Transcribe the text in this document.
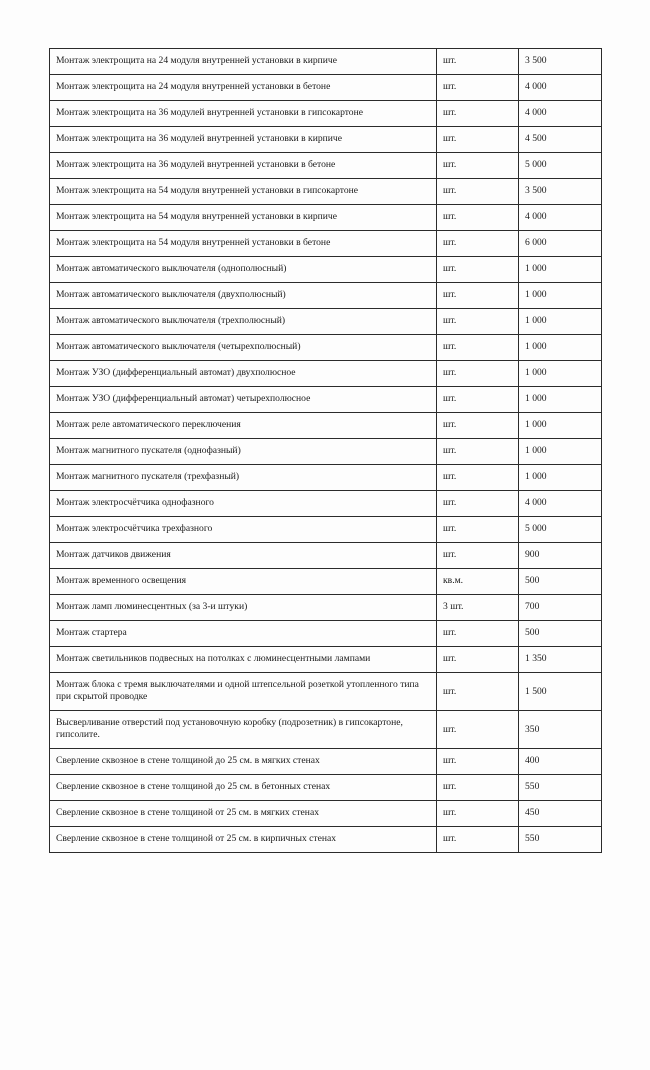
Монтаж электрощита на 24 модуля внутренней установки в кирпиче	шт.	3 500
Монтаж электрощита на 24 модуля внутренней установки в бетоне	шт.	4 000
Монтаж электрощита на 36 модулей внутренней установки в гипсокартоне	шт.	4 000
Монтаж электрощита на 36 модулей внутренней установки в кирпиче	шт.	4 500
Монтаж электрощита на 36 модулей внутренней установки в бетоне	шт.	5 000
Монтаж электрощита на 54 модуля внутренней установки в гипсокартоне	шт.	3 500
Монтаж электрощита на 54 модуля внутренней установки в кирпиче	шт.	4 000
Монтаж электрощита на 54 модуля внутренней установки в бетоне	шт.	6 000
Монтаж автоматического выключателя (однополюсный)	шт.	1 000
Монтаж автоматического выключателя (двухполюсный)	шт.	1 000
Монтаж автоматического выключателя (трехполюсный)	шт.	1 000
Монтаж автоматического выключателя (четырехполюсный)	шт.	1 000
Монтаж УЗО (дифференциальный автомат) двухполюсное	шт.	1 000
Монтаж УЗО (дифференциальный автомат) четырехполюсное	шт.	1 000
Монтаж реле автоматического переключения	шт.	1 000
Монтаж магнитного пускателя (однофазный)	шт.	1 000
Монтаж магнитного пускателя (трехфазный)	шт.	1 000
Монтаж электросчётчика однофазного	шт.	4 000
Монтаж электросчётчика трехфазного	шт.	5 000
Монтаж датчиков движения	шт.	900
Монтаж временного освещения	кв.м.	500
Монтаж ламп люминесцентных (за 3-и штуки)	3 шт.	700
Монтаж стартера	шт.	500
Монтаж светильников подвесных на потолках с люминесцентными лампами	шт.	1 350
Монтаж блока с тремя выключателями и одной штепсельной розеткой утопленного типа при скрытой проводке	шт.	1 500
Высверливание отверстий под установочную коробку (подрозетник) в гипсокартоне, гипсолите.	шт.	350
Сверление сквозное в стене толщиной до 25 см. в мягких стенах	шт.	400
Сверление сквозное в стене толщиной до 25 см. в бетонных стенах	шт.	550
Сверление сквозное в стене толщиной от 25 см. в мягких стенах	шт.	450
Сверление сквозное в стене толщиной от 25 см. в кирпичных стенах	шт.	550
